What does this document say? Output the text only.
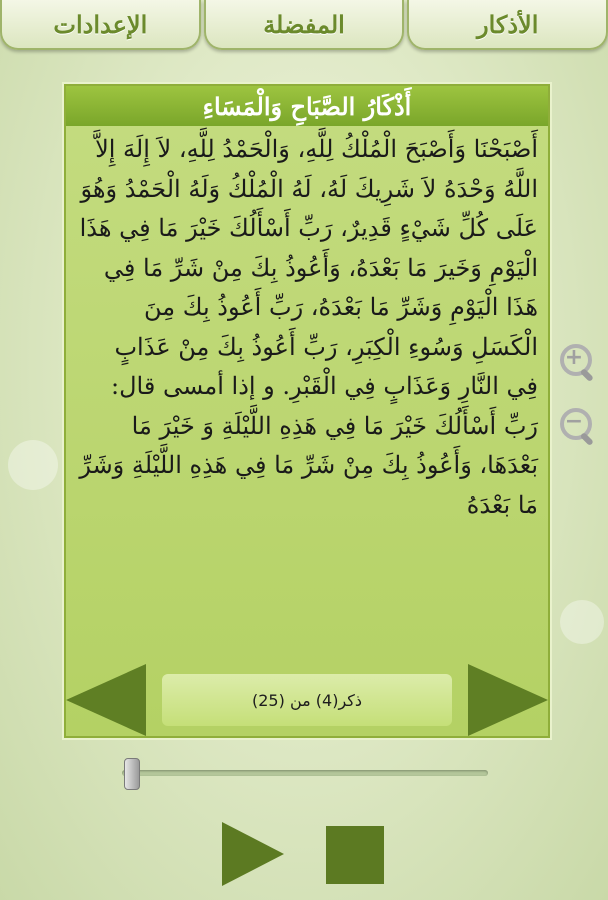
الإعدادات	المفضلة	الأذكار
أَذْكَارُ الصَّبَاحِ وَالْمَسَاءِ
أَصْبَحْنَا وَأَصْبَحَ الْمُلْكُ لِلَّهِ، وَالْحَمْدُ لِلَّهِ، لاَ إِلَهَ إِلاَّ اللَّهُ وَحْدَهُ لاَ شَرِيكَ لَهُ، لَهُ الْمُلْكُ وَلَهُ الْحَمْدُ وَهُوَ عَلَى كُلِّ شَيْءٍ قَدِيرٌ، رَبِّ أَسْأَلُكَ خَيْرَ مَا فِي هَذَا الْيَوْمِ وَخَيرَ مَا بَعْدَهُ، وَأَعُوذُ بِكَ مِنْ شَرِّ مَا فِي هَذَا الْيَوْمِ وَشَرِّ مَا بَعْدَهُ، رَبِّ أَعُوذُ بِكَ مِنَ الْكَسَلِ وَسُوءِ الْكِبَرِ، رَبِّ أَعُوذُ بِكَ مِنْ عَذَابٍ فِي النَّارِ وَعَذَابٍ فِي الْقَبْرِ. و إذا أمسى قال: رَبِّ أَسْأَلُكَ خَيْرَ مَا فِي هَذِهِ اللَّيْلَةِ وَ خَيْرَ مَا بَعْدَهَا، وَأَعُوذُ بِكَ مِنْ شَرِّ مَا فِي هَذِهِ اللَّيْلَةِ وَشَرِّ مَا بَعْدَهُ
ذكر(4) من (25)
+
−
